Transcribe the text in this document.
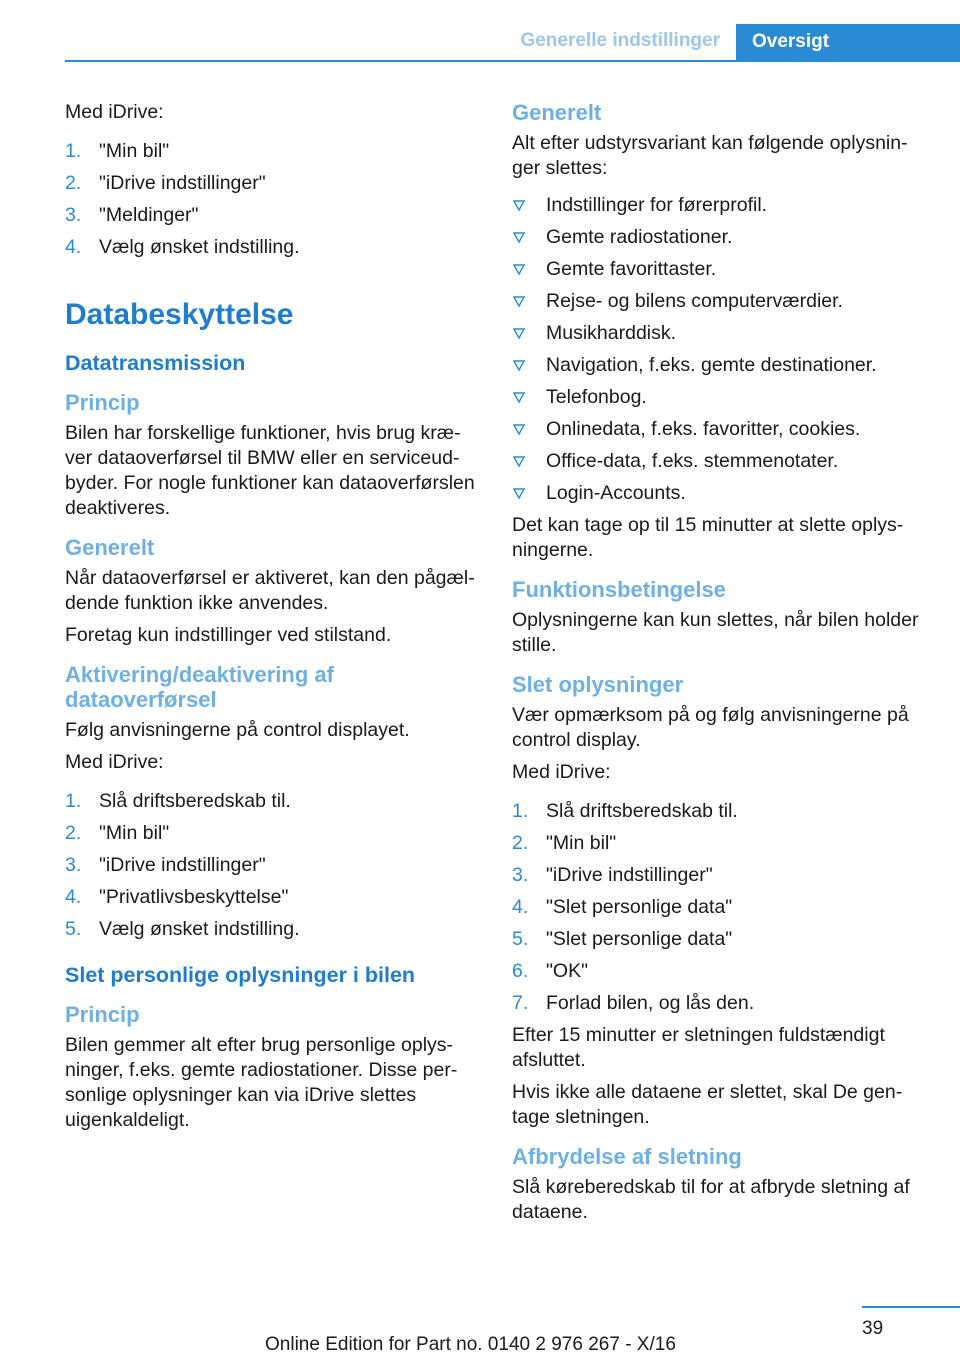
Generelle indstillinger Oversigt

Med iDrive:

1. "Min bil"
2. "iDrive indstillinger"
3. "Meldinger"
4. Vælg ønsket indstilling.
Databeskyttelse
Datatransmission
Princip

Bilen har forskellige funktioner, hvis brug kræver dataoverførsel til BMW eller en serviceudbyder. For nogle funktioner kan dataoverførslen deaktiveres.

Generelt

Når dataoverførsel er aktiveret, kan den pågældende funktion ikke anvendes.

Foretag kun indstillinger ved stilstand.

Aktivering/deaktivering af dataoverførsel

Følg anvisningerne på control displayet.

Med iDrive:

1. Slå driftsberedskab til.
2. "Min bil"
3. "iDrive indstillinger"
4. "Privatlivsbeskyttelse"
5. Vælg ønsket indstilling.
Slet personlige oplysninger i bilen
Princip

Bilen gemmer alt efter brug personlige oplysninger, f.eks. gemte radiostationer. Disse personlige oplysninger kan via iDrive slettes uigenkaldeligt.

Generelt

Alt efter udstyrsvariant kan følgende oplysninger slettes:

Indstillinger for førerprofil.
Gemte radiostationer.
Gemte favorittaster.
Rejse- og bilens computerværdier.
Musikharddisk.
Navigation, f.eks. gemte destinationer.
Telefonbog.
Onlinedata, f.eks. favoritter, cookies.
Office-data, f.eks. stemmenotater.
Login-Accounts.

Det kan tage op til 15 minutter at slette oplysningerne.

Funktionsbetingelse

Oplysningerne kan kun slettes, når bilen holder stille.

Slet oplysninger

Vær opmærksom på og følg anvisningerne på control display.

Med iDrive:

1. Slå driftsberedskab til.
2. "Min bil"
3. "iDrive indstillinger"
4. "Slet personlige data"
5. "Slet personlige data"
6. "OK"
7. Forlad bilen, og lås den.

Efter 15 minutter er sletningen fuldstændigt afsluttet.

Hvis ikke alle dataene er slettet, skal De gentage sletningen.

Afbrydelse af sletning

Slå køreberedskab til for at afbryde sletning af dataene.

39
Online Edition for Part no. 0140 2 976 267 - X/16
